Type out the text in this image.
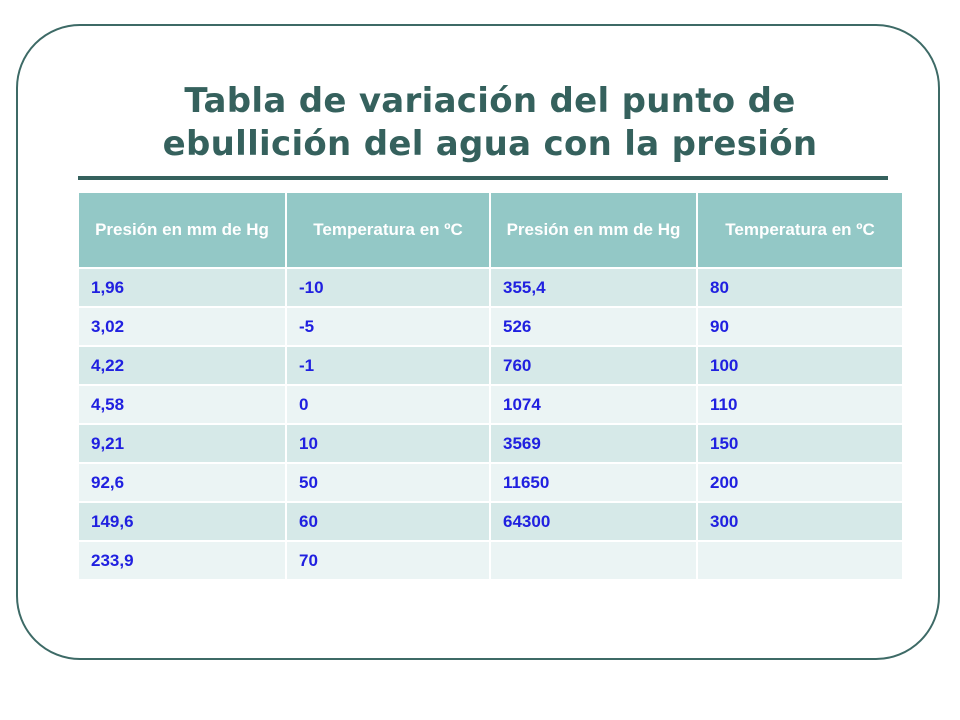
Tabla de variación del punto de
ebullición del agua con la presión
Presión en mm de Hg	Temperatura en ºC	Presión en mm de Hg	Temperatura en ºC
1,96	-10	355,4	80
3,02	-5	526	90
4,22	-1	760	100
4,58	0	1074	110
9,21	10	3569	150
92,6	50	11650	200
149,6	60	64300	300
233,9	70		
